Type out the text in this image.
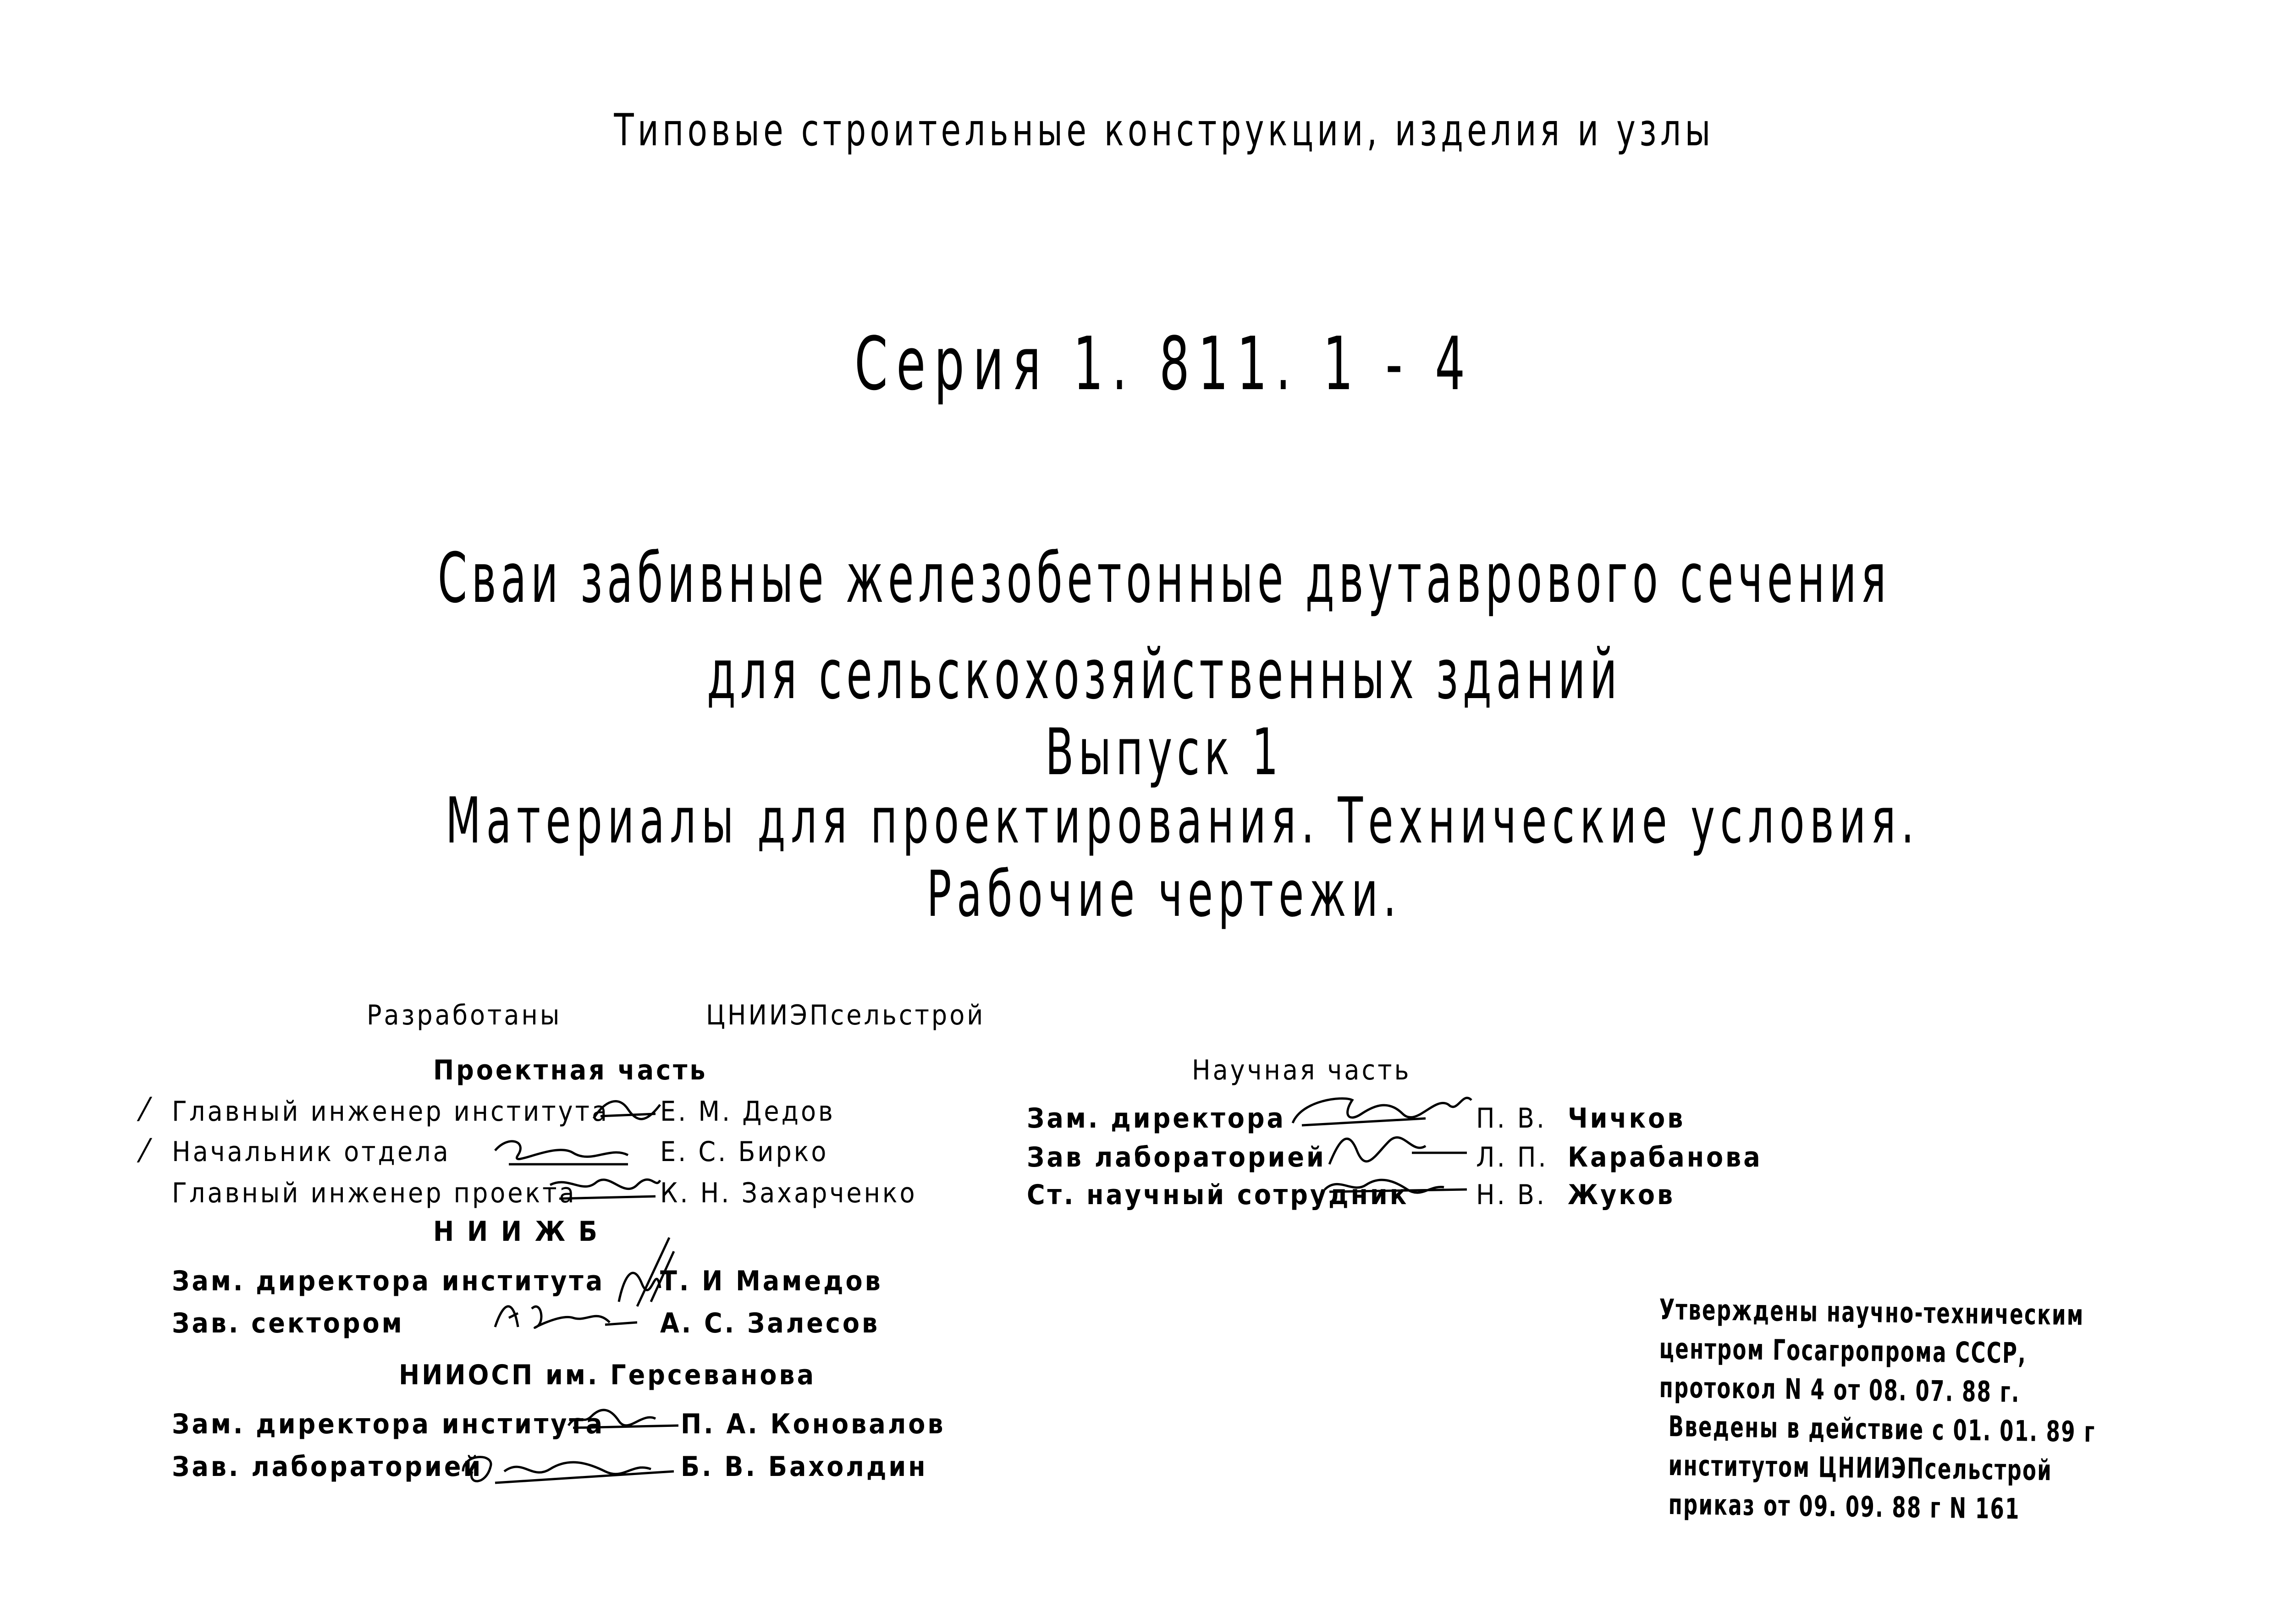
Типовые строительные конструкции, изделия и узлы
Серия 1. 811. 1 - 4
Сваи забивные железобетонные двутаврового сечения
для сельскохозяйственных зданий
Выпуск 1
Материалы для проектирования. Технические условия.
Рабочие чертежи.
Разработаны	ЦНИИЭПсельстрой
Проектная часть
⁄ Главный инженер института Е. М. Дедов
⁄ Начальник отдела	Е. С. Бирко
Главный инженер проекта	К. Н. Захарченко
Н И И Ж Б
Зам. директора института Т. И Мамедов
Зав. сектором	А. С. Залесов
НИИОСП им. Герсеванова
Зам. директора института	П. А. Коновалов
Зав. лабораторией	Б. В. Бахолдин
Научная часть
Зам. директора	П. В. Чичков
Зав лабораторией	Л. П. Карабанова
Ст. научный сотрудник Н. В. Жуков
Утверждены научно-техническим
центром Госагропрома СССР,
протокол N 4 от 08. 07. 88 г.
Введены в действие с 01. 01. 89 г
институтом ЦНИИЭПсельстрой
приказ от 09. 09. 88 г N 161
